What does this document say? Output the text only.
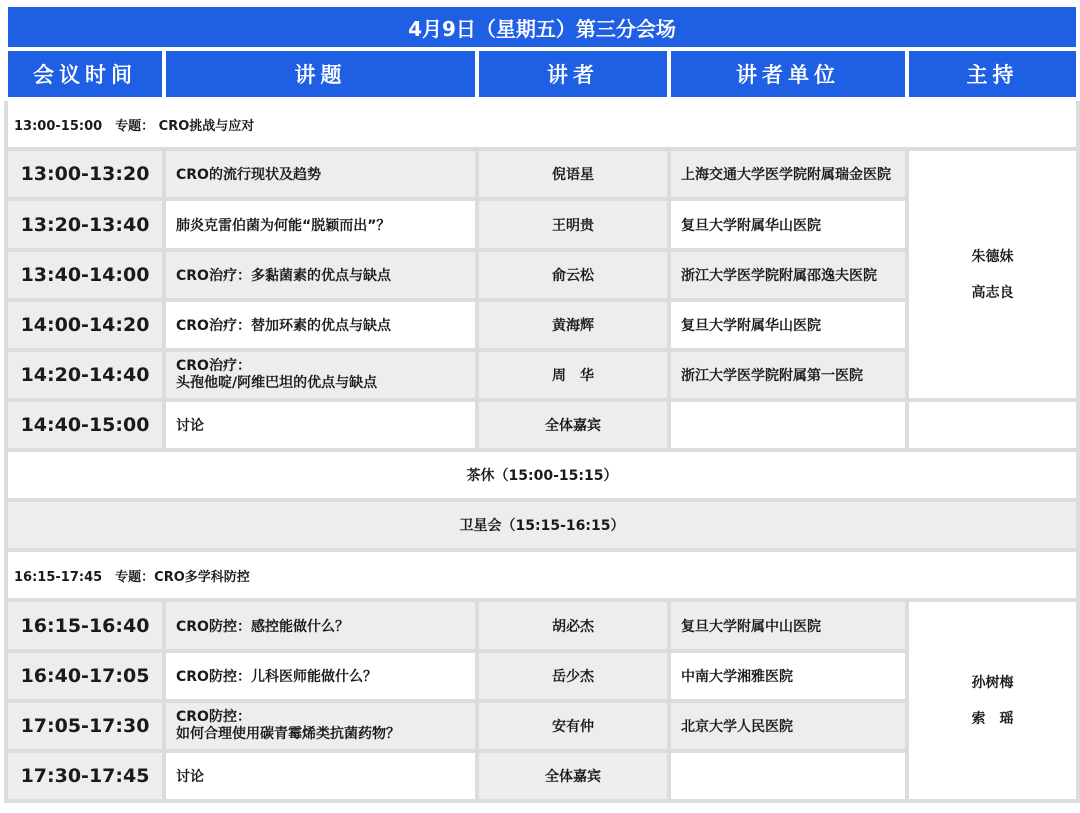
4月9日（星期五）第三分会场				
会议时间	讲题	讲者	讲者单位	主持
13:00-15:00　专题： CRO挑战与应对				
13:00-13:20	CRO的流行现状及趋势	倪语星	上海交通大学医学院附属瑞金医院	朱德妹
高志良

13:20-13:40	肺炎克雷伯菌为何能“脱颖而出”？	王明贵	复旦大学附属华山医院	
13:40-14:00	CRO治疗：多黏菌素的优点与缺点	俞云松	浙江大学医学院附属邵逸夫医院	
14:00-14:20	CRO治疗：替加环素的优点与缺点	黄海辉	复旦大学附属华山医院	
14:20-14:40	CRO治疗：
头孢他啶/阿维巴坦的优点与缺点	周　华	浙江大学医学院附属第一医院	
14:40-15:00	讨论	全体嘉宾		
茶休（15:00-15:15）				
卫星会（15:15-16:15）				
16:15-17:45　专题：CRO多学科防控				
16:15-16:40	CRO防控：感控能做什么？	胡必杰	复旦大学附属中山医院	孙树梅
索　瑶

16:40-17:05	CRO防控：儿科医师能做什么？	岳少杰	中南大学湘雅医院	
17:05-17:30	CRO防控：
如何合理使用碳青霉烯类抗菌药物？	安有仲	北京大学人民医院	
17:30-17:45	讨论	全体嘉宾		
